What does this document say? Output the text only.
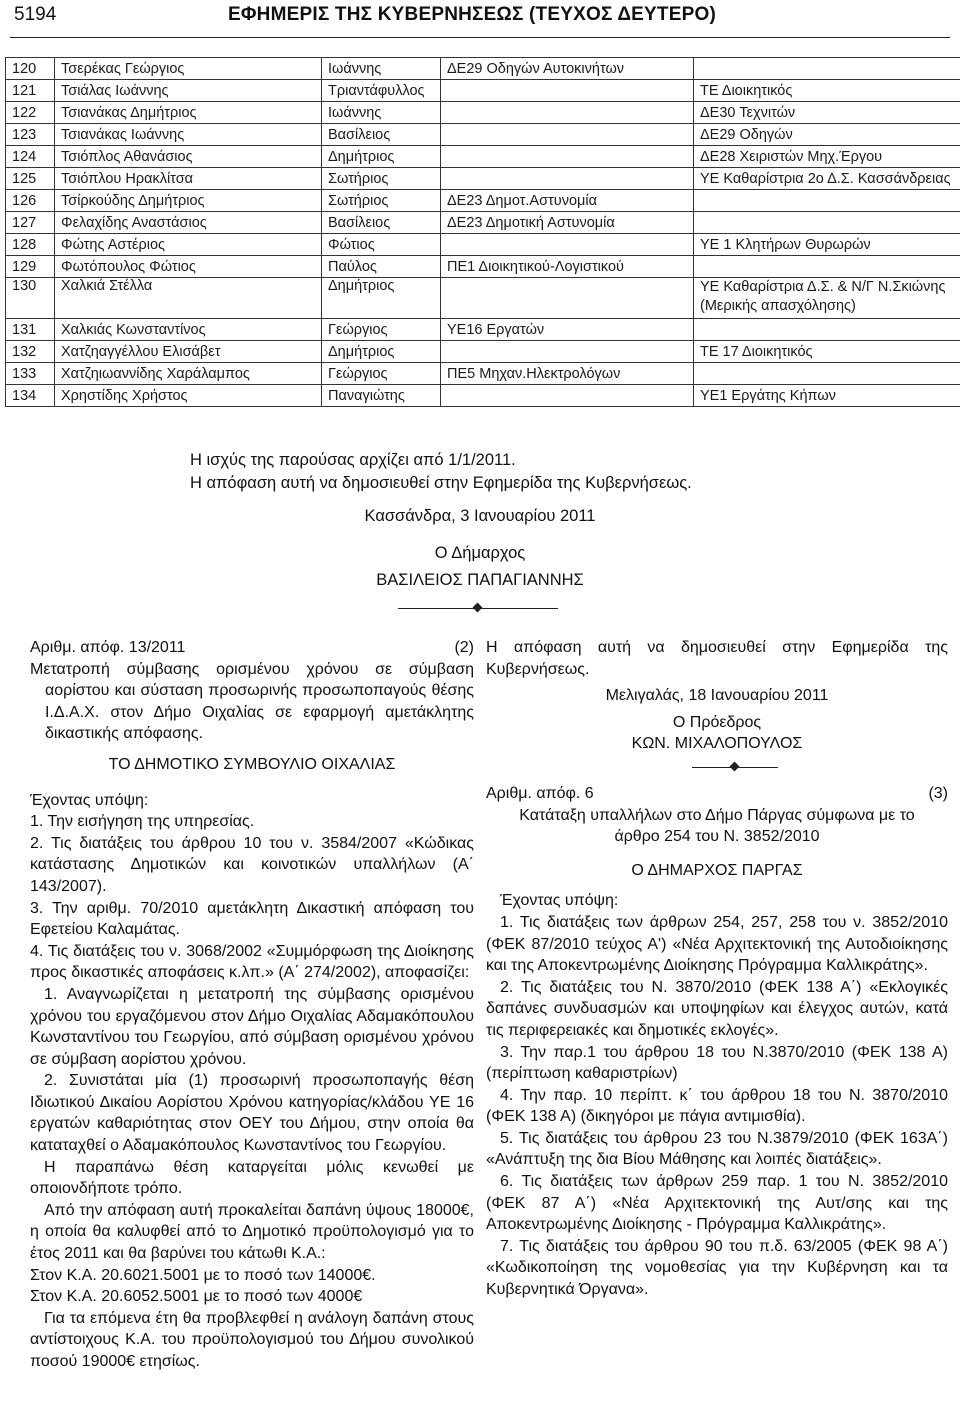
5194	ΕΦΗΜΕΡΙΣ ΤΗΣ ΚΥΒΕΡΝΗΣΕΩΣ (ΤΕΥΧΟΣ ΔΕΥΤΕΡΟ)
120	Τσερέκας Γεώργιος	Ιωάννης	ΔΕ29 Οδηγών Αυτοκινήτων	
121	Τσιάλας Ιωάννης	Τριαντάφυλλος		ΤΕ Διοικητικός
122	Τσιανάκας Δημήτριος	Ιωάννης		ΔΕ30 Τεχνιτών
123	Τσιανάκας Ιωάννης	Βασίλειος		ΔΕ29 Οδηγών
124	Τσιόπλος Αθανάσιος	Δημήτριος		ΔΕ28 Χειριστών Μηχ.Έργου
125	Τσιόπλου Ηρακλίτσα	Σωτήριος		ΥΕ Καθαρίστρια 2ο Δ.Σ. Κασσάνδρειας
126	Τσίρκούδης Δημήτριος	Σωτήριος	ΔΕ23 Δημοτ.Αστυνομία	
127	Φελαχίδης Αναστάσιος	Βασίλειος	ΔΕ23 Δημοτική Αστυνομία	
128	Φώτης Αστέριος	Φώτιος		ΥΕ 1 Κλητήρων Θυρωρών
129	Φωτόπουλος Φώτιος	Παύλος	ΠΕ1 Διοικητικού-Λογιστικού	
130	Χαλκιά Στέλλα	Δημήτριος		ΥΕ Καθαρίστρια Δ.Σ. & Ν/Γ Ν.Σκιώνης (Μερικής απασχόλησης)
131	Χαλκιάς Κωνσταντίνος	Γεώργιος	ΥΕ16 Εργατών	
132	Χατζηαγγέλλου Ελισάβετ	Δημήτριος		ΤΕ 17 Διοικητικός
133	Χατζηιωαννίδης Χαράλαμπος	Γεώργιος	ΠΕ5 Μηχαν.Ηλεκτρολόγων	
134	Χρηστίδης Χρήστος	Παναγιώτης		ΥΕ1 Εργάτης Κήπων
Η ισχύς της παρούσας αρχίζει από 1/1/2011.
Η απόφαση αυτή να δημοσιευθεί στην Εφημερίδα της Κυβερνήσεως.
Κασσάνδρα, 3 Ιανουαρίου 2011
Ο Δήμαρχος
ΒΑΣΙΛΕΙΟΣ ΠΑΠΑΓΙΑΝΝΗΣ
Αριθμ. απόφ. 13/2011	(2)

Μετατροπή σύμβασης ορισμένου χρόνου σε σύμβαση αορίστου και σύσταση προσωρινής προσωποπαγούς θέσης Ι.Δ.Α.Χ. στον Δήμο Οιχαλίας σε εφαρμογή αμετάκλητης δικαστικής απόφασης.

ΤΟ ΔΗΜΟΤΙΚΟ ΣΥΜΒΟΥΛΙΟ ΟΙΧΑΛΙΑΣ

Έχοντας υπόψη:

1. Την εισήγηση της υπηρεσίας.

2. Τις διατάξεις του άρθρου 10 του ν. 3584/2007 «Κώδικας κατάστασης Δημοτικών και κοινοτικών υπαλλήλων (Α΄ 143/2007).

3. Την αριθμ. 70/2010 αμετάκλητη Δικαστική απόφαση του Εφετείου Καλαμάτας.

4. Τις διατάξεις του ν. 3068/2002 «Συμμόρφωση της Διοίκησης προς δικαστικές αποφάσεις κ.λπ.» (Α΄ 274/2002), αποφασίζει:

1. Αναγνωρίζεται η μετατροπή της σύμβασης ορισμένου χρόνου του εργαζόμενου στον Δήμο Οιχαλίας Αδαμακόπουλου Κωνσταντίνου του Γεωργίου, από σύμβαση ορισμένου χρόνου σε σύμβαση αορίστου χρόνου.

2. Συνιστάται μία (1) προσωρινή προσωποπαγής θέση Ιδιωτικού Δικαίου Αορίστου Χρόνου κατηγορίας/κλάδου ΥΕ 16 εργατών καθαριότητας στον ΟΕΥ του Δήμου, στην οποία θα καταταχθεί ο Αδαμακόπουλος Κωνσταντίνος του Γεωργίου.

Η παραπάνω θέση καταργείται μόλις κενωθεί με οποιονδήποτε τρόπο.

Από την απόφαση αυτή προκαλείται δαπάνη ύψους 18000€, η οποία θα καλυφθεί από το Δημοτικό προϋπολογισμό για το έτος 2011 και θα βαρύνει του κάτωθι Κ.Α.:

Στον Κ.Α. 20.6021.5001 με το ποσό των 14000€.

Στον Κ.Α. 20.6052.5001 με το ποσό των 4000€

Για τα επόμενα έτη θα προβλεφθεί η ανάλογη δαπάνη στους αντίστοιχους Κ.Α. του προϋπολογισμού του Δήμου συνολικού ποσού 19000€ ετησίως.

Η απόφαση αυτή να δημοσιευθεί στην Εφημερίδα της Κυβερνήσεως.

Μελιγαλάς, 18 Ιανουαρίου 2011

Ο Πρόεδρος

ΚΩΝ. ΜΙΧΑΛΟΠΟΥΛΟΣ

Αριθμ. απόφ. 6	(3)

Κατάταξη υπαλλήλων στο Δήμο Πάργας σύμφωνα με το άρθρο 254 του Ν. 3852/2010

Ο ΔΗΜΑΡΧΟΣ ΠΑΡΓΑΣ

Έχοντας υπόψη:

1. Τις διατάξεις των άρθρων 254, 257, 258 του ν. 3852/2010 (ΦΕΚ 87/2010 τεύχος Α') «Νέα Αρχιτεκτονική της Αυτοδιοίκησης και της Αποκεντρωμένης Διοίκησης Πρόγραμμα Καλλικράτης».

2. Τις διατάξεις του Ν. 3870/2010 (ΦΕΚ 138 Α΄) «Εκλογικές δαπάνες συνδυασμών και υποψηφίων και έλεγχος αυτών, κατά τις περιφερειακές και δημοτικές εκλογές».

3. Την παρ.1 του άρθρου 18 του Ν.3870/2010 (ΦΕΚ 138 Α) (περίπτωση καθαριστρίων)

4. Την παρ. 10 περίπτ. κ΄ του άρθρου 18 του Ν. 3870/2010 (ΦΕΚ 138 Α) (δικηγόροι με πάγια αντιμισθία).

5. Τις διατάξεις του άρθρου 23 του Ν.3879/2010 (ΦΕΚ 163Α΄) «Ανάπτυξη της δια Βίου Μάθησης και λοιπές διατάξεις».

6. Τις διατάξεις των άρθρων 259 παρ. 1 του Ν. 3852/2010 (ΦΕΚ 87 Α΄) «Νέα Αρχιτεκτονική της Αυτ/σης και της Αποκεντρωμένης Διοίκησης - Πρόγραμμα Καλλικράτης».

7. Τις διατάξεις του άρθρου 90 του π.δ. 63/2005 (ΦΕΚ 98 Α΄) «Κωδικοποίηση της νομοθεσίας για την Κυβέρνηση και τα Κυβερνητικά Όργανα».
